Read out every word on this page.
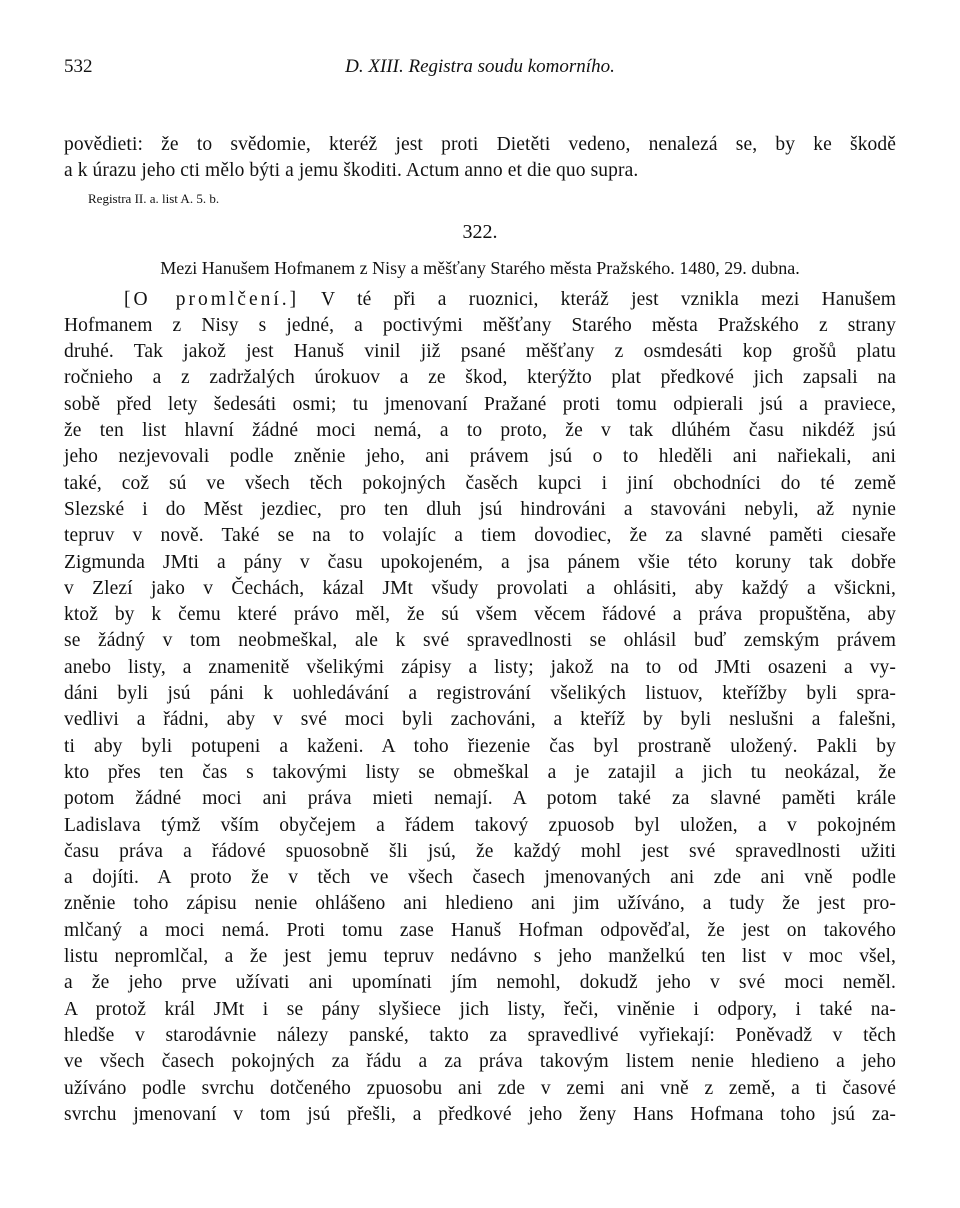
532	D. XIII. Registra soudu komorního.
povědieti: že to svědomie, kteréž jest proti Dietěti vedeno, nenalezá se, by ke škodě
a k úrazu jeho cti mělo býti a jemu škoditi. Actum anno et die quo supra.
Registra II. a. list A. 5. b.
322.
Mezi Hanušem Hofmanem z Nisy a měšťany Starého města Pražského. 1480, 29. dubna.
[O promlčení.] V té při a ruoznici, kteráž jest vznikla mezi Hanušem
Hofmanem z Nisy s jedné, a poctivými měšťany Starého města Pražského z strany
druhé. Tak jakož jest Hanuš vinil již psané měšťany z osmdesáti kop grošů platu
ročnieho a z zadržalých úrokuov a ze škod, kterýžto plat předkové jich zapsali na
sobě před lety šedesáti osmi; tu jmenovaní Pražané proti tomu odpierali jsú a praviece,
že ten list hlavní žádné moci nemá, a to proto, že v tak dlúhém času nikdéž jsú
jeho nezjevovali podle zněnie jeho, ani právem jsú o to hleděli ani nařiekali, ani
také, což sú ve všech těch pokojných časěch kupci i jiní obchodníci do té země
Slezské i do Měst jezdiec, pro ten dluh jsú hindrováni a stavováni nebyli, až nynie
tepruv v nově. Také se na to volajíc a tiem dovodiec, že za slavné paměti ciesaře
Zigmunda JMti a pány v času upokojeném, a jsa pánem všie této koruny tak dobře
v Zlezí jako v Čechách, kázal JMt všudy provolati a ohlásiti, aby každý a všickni,
ktož by k čemu které právo měl, že sú všem věcem řádové a práva propuštěna, aby
se žádný v tom neobmeškal, ale k své spravedlnosti se ohlásil buď zemským právem
anebo listy, a znamenitě všelikými zápisy a listy; jakož na to od JMti osazeni a vy-
dáni byli jsú páni k uohledávání a registrování všelikých listuov, kteřížby byli spra-
vedlivi a řádni, aby v své moci byli zachováni, a kteříž by byli neslušni a falešni,
ti aby byli potupeni a kaženi. A toho řiezenie čas byl prostraně uložený. Pakli by
kto přes ten čas s takovými listy se obmeškal a je zatajil a jich tu neokázal, že
potom žádné moci ani práva mieti nemají. A potom také za slavné paměti krále
Ladislava týmž vším obyčejem a řádem takový zpuosob byl uložen, a v pokojném
času práva a řádové spuosobně šli jsú, že každý mohl jest své spravedlnosti užiti
a dojíti. A proto že v těch ve všech časech jmenovaných ani zde ani vně podle
zněnie toho zápisu nenie ohlášeno ani hledieno ani jim užíváno, a tudy že jest pro-
mlčaný a moci nemá. Proti tomu zase Hanuš Hofman odpověďal, že jest on takového
listu nepromlčal, a že jest jemu tepruv nedávno s jeho manželkú ten list v moc všel,
a že jeho prve užívati ani upomínati jím nemohl, dokudž jeho v své moci neměl.
A protož král JMt i se pány slyšiece jich listy, řeči, viněnie i odpory, i také na-
hledše v starodávnie nálezy panské, takto za spravedlivé vyřiekají: Poněvadž v těch
ve všech časech pokojných za řádu a za práva takovým listem nenie hledieno a jeho
užíváno podle svrchu dotčeného zpuosobu ani zde v zemi ani vně z země, a ti časové
svrchu jmenovaní v tom jsú přešli, a předkové jeho ženy Hans Hofmana toho jsú za-
